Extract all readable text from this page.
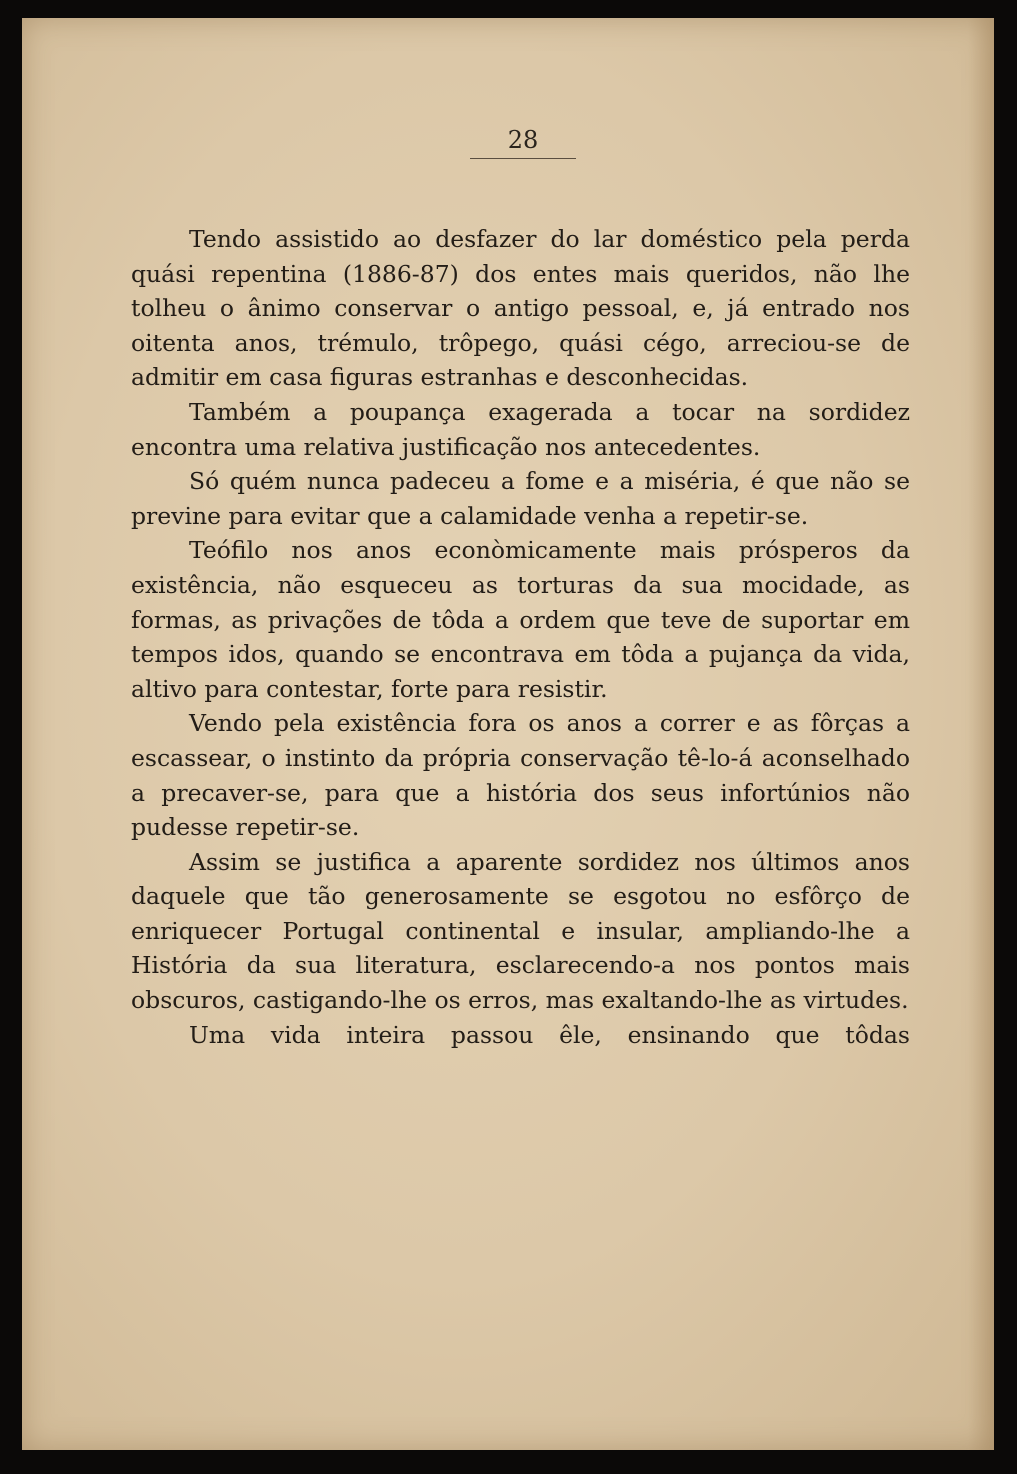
28

Tendo assistido ao desfazer do lar doméstico pela perda quási repentina (1886-87) dos entes mais queridos, não lhe tolheu o ânimo conservar o antigo pessoal, e, já entrado nos oitenta anos, trémulo, trôpego, quási cégo, arreciou-se de admitir em casa figuras estranhas e desconhecidas.

Também a poupança exagerada a tocar na sordidez encontra uma relativa justificação nos antecedentes.

Só quém nunca padeceu a fome e a miséria, é que não se previne para evitar que a calamidade venha a repetir-se.

Teófilo nos anos econòmicamente mais prósperos da existência, não esqueceu as torturas da sua mocidade, as formas, as privações de tôda a ordem que teve de suportar em tempos idos, quando se encontrava em tôda a pujança da vida, altivo para contestar, forte para resistir.

Vendo pela existência fora os anos a correr e as fôrças a escassear, o instinto da própria conservação tê-lo-á aconselhado a precaver-se, para que a história dos seus infortúnios não pudesse repetir-se.

Assim se justifica a aparente sordidez nos últimos anos daquele que tão generosamente se esgotou no esfôrço de enriquecer Portugal continental e insular, ampliando-lhe a História da sua literatura, esclarecendo-a nos pontos mais obscuros, castigando-lhe os erros, mas exaltando-lhe as virtudes.

Uma vida inteira passou êle, ensinando que tôdas
